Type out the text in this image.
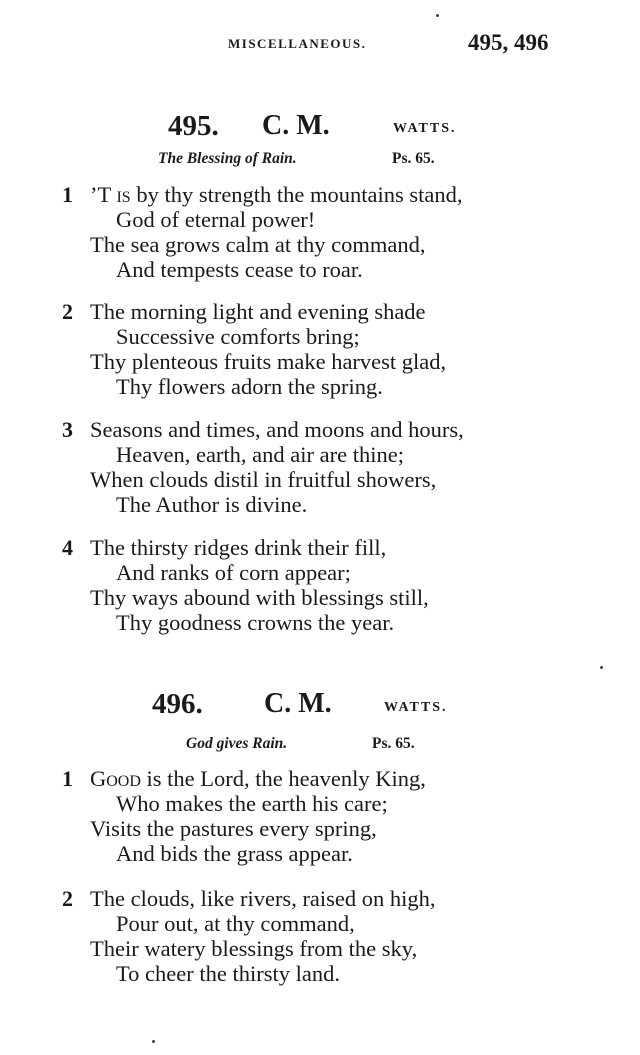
MISCELLANEOUS.	495, 496
495. C. M.	WATTS.
The Blessing of Rain.	Ps. 65.
1 ’T is by thy strength the mountains stand,
God of eternal power!
The sea grows calm at thy command,
And tempests cease to roar.
2 The morning light and evening shade
Successive comforts bring;
Thy plenteous fruits make harvest glad,
Thy flowers adorn the spring.
3 Seasons and times, and moons and hours,
Heaven, earth, and air are thine;
When clouds distil in fruitful showers,
The Author is divine.
4 The thirsty ridges drink their fill,
And ranks of corn appear;
Thy ways abound with blessings still,
Thy goodness crowns the year.
496. C. M.	WATTS.
God gives Rain.	Ps. 65.
1 Good is the Lord, the heavenly King,
Who makes the earth his care;
Visits the pastures every spring,
And bids the grass appear.
2 The clouds, like rivers, raised on high,
Pour out, at thy command,
Their watery blessings from the sky,
To cheer the thirsty land.
